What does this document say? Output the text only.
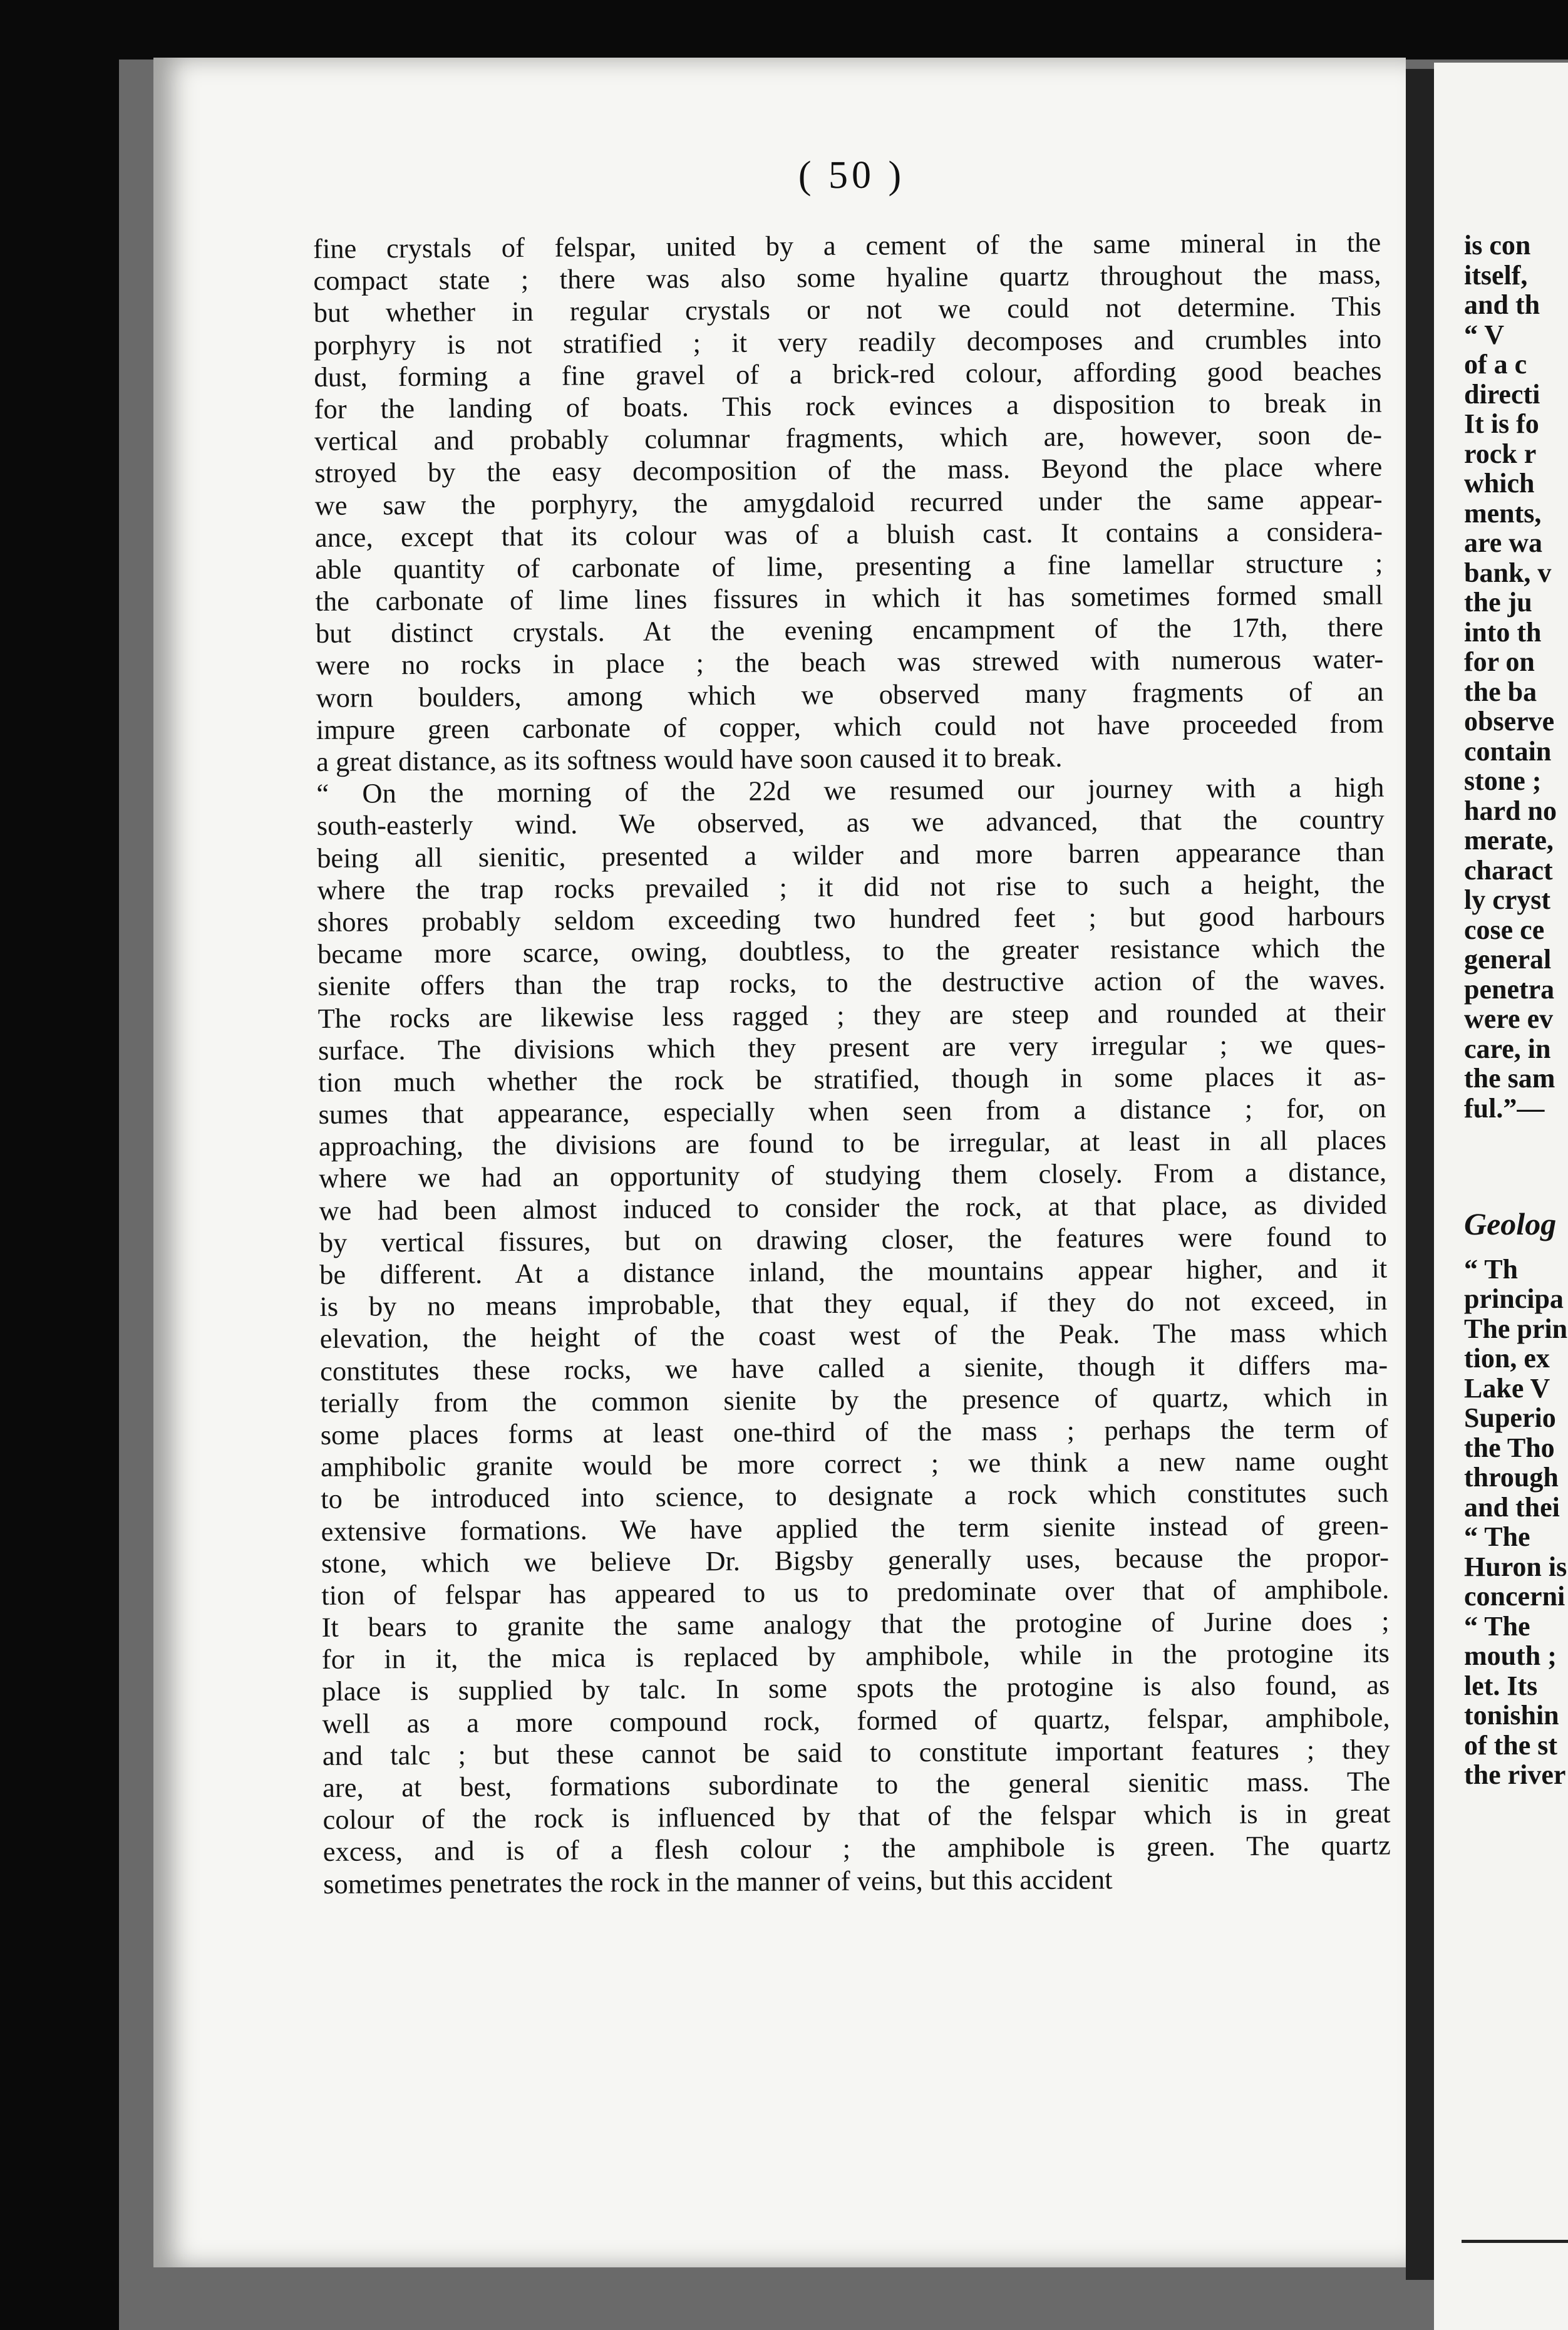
( 50 )
fine crystals of felspar, united by a cement of the same mineral in the
compact state ; there was also some hyaline quartz throughout the mass,
but whether in regular crystals or not we could not determine. This
porphyry is not stratified ; it very readily decomposes and crumbles into
dust, forming a fine gravel of a brick-red colour, affording good beaches
for the landing of boats. This rock evinces a disposition to break in
vertical and probably columnar fragments, which are, however, soon de-
stroyed by the easy decomposition of the mass. Beyond the place where
we saw the porphyry, the amygdaloid recurred under the same appear-
ance, except that its colour was of a bluish cast. It contains a considera-
able quantity of carbonate of lime, presenting a fine lamellar structure ;
the carbonate of lime lines fissures in which it has sometimes formed small
but distinct crystals. At the evening encampment of the 17th, there
were no rocks in place ; the beach was strewed with numerous water-
worn boulders, among which we observed many fragments of an
impure green carbonate of copper, which could not have proceeded from
a great distance, as its softness would have soon caused it to break.
“ On the morning of the 22d we resumed our journey with a high
south-easterly wind. We observed, as we advanced, that the country
being all sienitic, presented a wilder and more barren appearance than
where the trap rocks prevailed ; it did not rise to such a height, the
shores probably seldom exceeding two hundred feet ; but good harbours
became more scarce, owing, doubtless, to the greater resistance which the
sienite offers than the trap rocks, to the destructive action of the waves.
The rocks are likewise less ragged ; they are steep and rounded at their
surface. The divisions which they present are very irregular ; we ques-
tion much whether the rock be stratified, though in some places it as-
sumes that appearance, especially when seen from a distance ; for, on
approaching, the divisions are found to be irregular, at least in all places
where we had an opportunity of studying them closely. From a distance,
we had been almost induced to consider the rock, at that place, as divided
by vertical fissures, but on drawing closer, the features were found to
be different. At a distance inland, the mountains appear higher, and it
is by no means improbable, that they equal, if they do not exceed, in
elevation, the height of the coast west of the Peak. The mass which
constitutes these rocks, we have called a sienite, though it differs ma-
terially from the common sienite by the presence of quartz, which in
some places forms at least one-third of the mass ; perhaps the term of
amphibolic granite would be more correct ; we think a new name ought
to be introduced into science, to designate a rock which constitutes such
extensive formations. We have applied the term sienite instead of green-
stone, which we believe Dr. Bigsby generally uses, because the propor-
tion of felspar has appeared to us to predominate over that of amphibole.
It bears to granite the same analogy that the protogine of Jurine does ;
for in it, the mica is replaced by amphibole, while in the protogine its
place is supplied by talc. In some spots the protogine is also found, as
well as a more compound rock, formed of quartz, felspar, amphibole,
and talc ; but these cannot be said to constitute important features ; they
are, at best, formations subordinate to the general sienitic mass. The
colour of the rock is influenced by that of the felspar which is in great
excess, and is of a flesh colour ; the amphibole is green. The quartz
sometimes penetrates the rock in the manner of veins, but this accident
is con
itself,
and th
“ V
of a c
directi
It is fo
rock r
which
ments,
are wa
bank, v
the ju
into th
for on
the ba
observe
contain
stone ;
hard no
merate,
charact
ly cryst
cose ce
general
penetra
were ev
care, in
the sam
ful.”—
Geolog
“ Th
principa
The prin
tion, ex
Lake V
Superio
the Tho
through
and thei
“ The
Huron is
concerni
“ The
mouth ;
let. Its
tonishin
of the st
the river
